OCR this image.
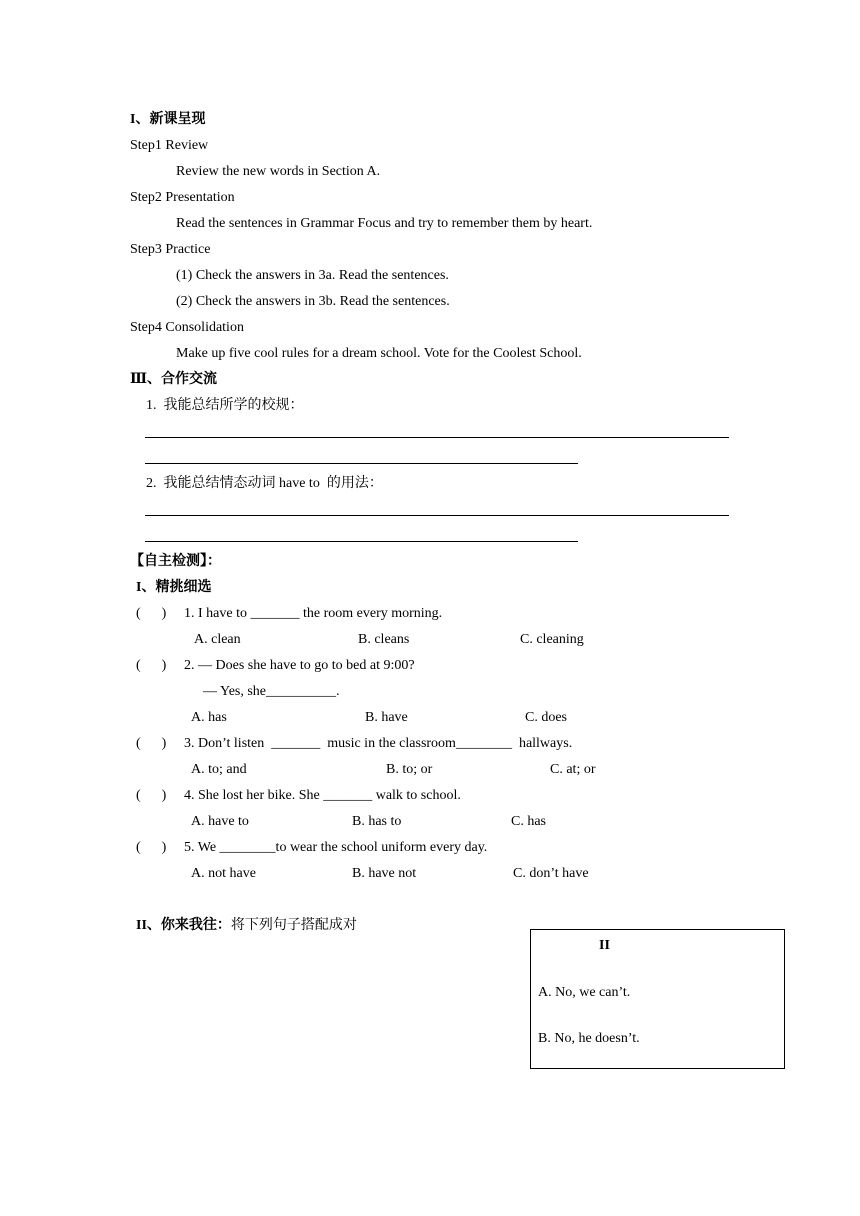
I、新课呈现
Step1 Review
Review the new words in Section A.
Step2 Presentation
Read the sentences in Grammar Focus and try to remember them by heart.
Step3 Practice
(1) Check the answers in 3a. Read the sentences.
(2) Check the answers in 3b. Read the sentences.
Step4 Consolidation
Make up five cool rules for a dream school. Vote for the Coolest School.
Ⅲ、合作交流
1.  我能总结所学的校规：
2.  我能总结情态动词 have to  的用法：
【自主检测】：
I、精挑细选
(      ) 1. I have to _______ the room every morning.
A. clean	B. cleans	C. cleaning
(      ) 2. — Does she have to go to bed at 9:00?
— Yes, she__________.
A. has	B. have	C. does
(      ) 3. Don’t listen  _______  music in the classroom________  hallways.
A. to; and	B. to; or	C. at; or
(      ) 4. She lost her bike. She _______ walk to school.
A. have to	B. has to	C. has
(      ) 5. We ________to wear the school uniform every day.
A. not have	B. have not	C. don’t have
II、你来我往：将下列句子搭配成对
II
A. No, we can’t.
B. No, he doesn’t.
